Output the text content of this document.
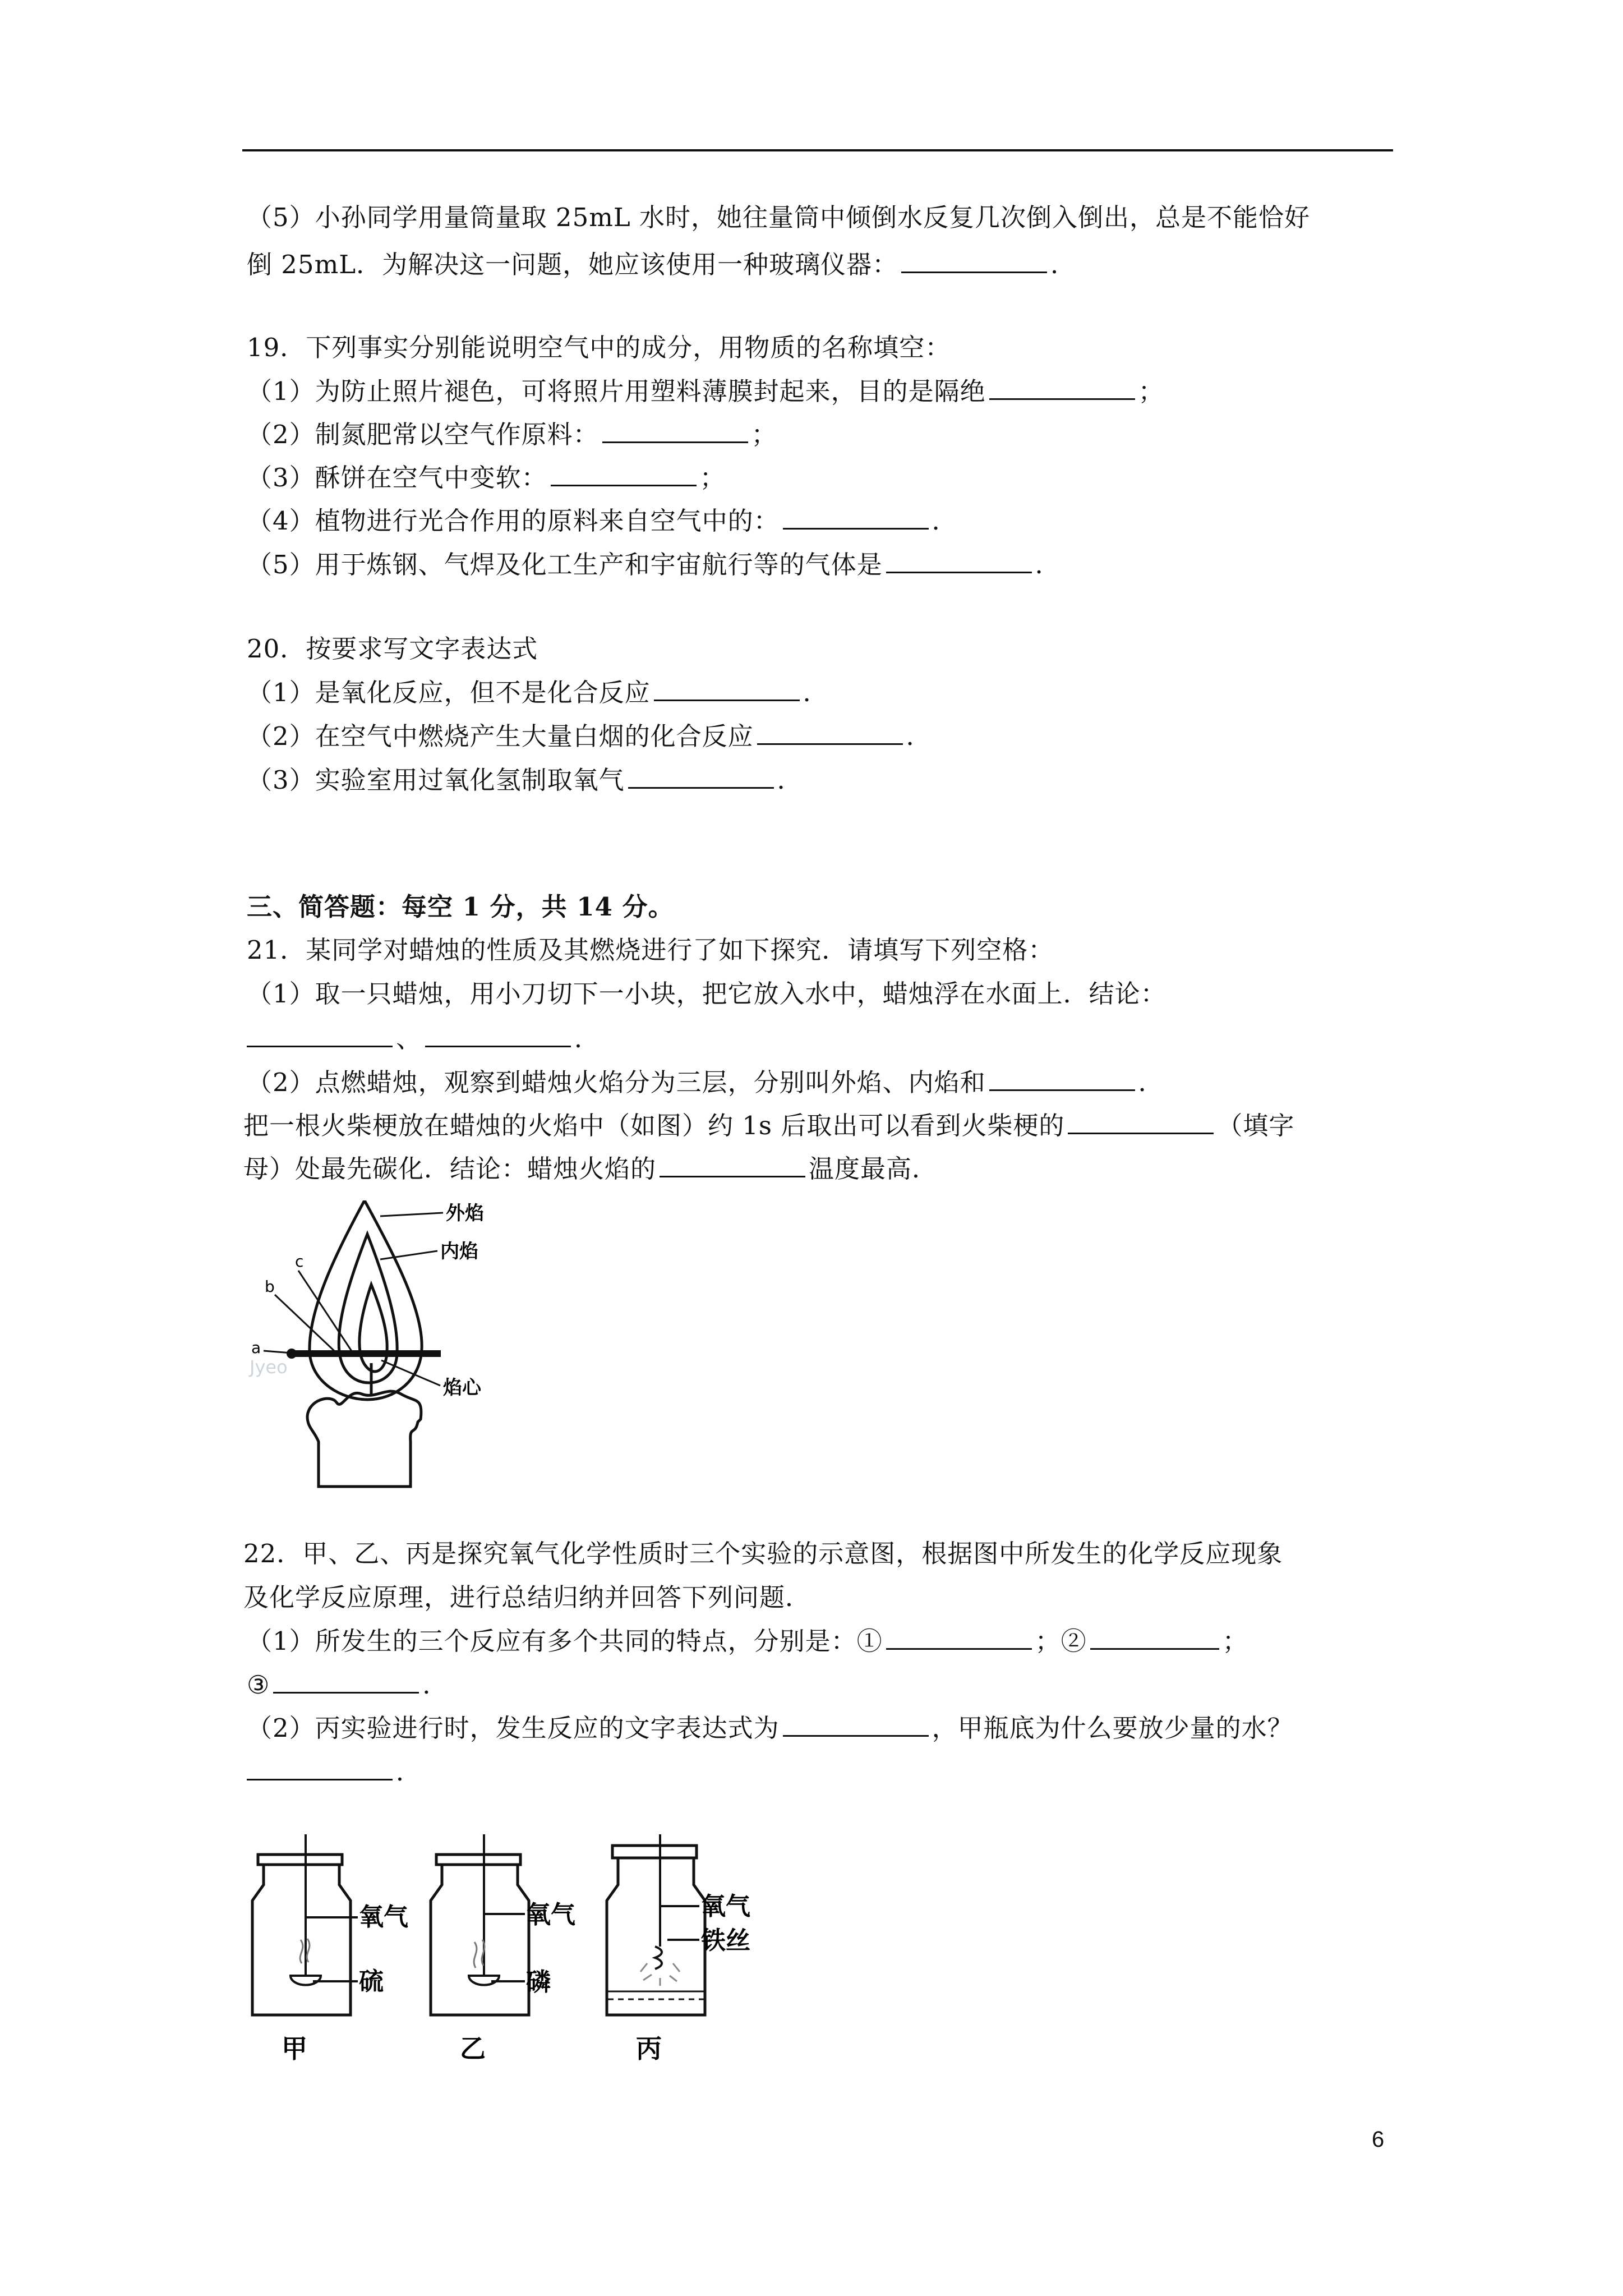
（5）小孙同学用量筒量取 25mL 水时，她往量筒中倾倒水反复几次倒入倒出，总是不能恰好
倒 25mL．为解决这一问题，她应该使用一种玻璃仪器：	．
19．下列事实分别能说明空气中的成分，用物质的名称填空：
（1）为防止照片褪色，可将照片用塑料薄膜封起来，目的是隔绝	；
（2）制氮肥常以空气作原料：	；
（3）酥饼在空气中变软：	；
（4）植物进行光合作用的原料来自空气中的：	．
（5）用于炼钢、气焊及化工生产和宇宙航行等的气体是	．
20．按要求写文字表达式
（1）是氧化反应，但不是化合反应	．
（2）在空气中燃烧产生大量白烟的化合反应	．
（3）实验室用过氧化氢制取氧气	．
三、简答题：每空 1 分，共 14 分。
21．某同学对蜡烛的性质及其燃烧进行了如下探究．请填写下列空格：
（1）取一只蜡烛，用小刀切下一小块，把它放入水中，蜡烛浮在水面上．结论：
、	．
（2）点燃蜡烛，观察到蜡烛火焰分为三层，分别叫外焰、内焰和	．
把一根火柴梗放在蜡烛的火焰中（如图）约 1s 后取出可以看到火柴梗的	（填字
母）处最先碳化．结论：蜡烛火焰的	温度最高．
c
b
a
外焰
内焰
焰心
Jyeo
22．甲、乙、丙是探究氧气化学性质时三个实验的示意图，根据图中所发生的化学反应现象
及化学反应原理，进行总结归纳并回答下列问题．
（1）所发生的三个反应有多个共同的特点，分别是：①	；②	；
③	．
（2）丙实验进行时，发生反应的文字表达式为	，甲瓶底为什么要放少量的水？
．
氧气
硫
甲
氧气
磷
乙
氧气
铁丝
丙
6
